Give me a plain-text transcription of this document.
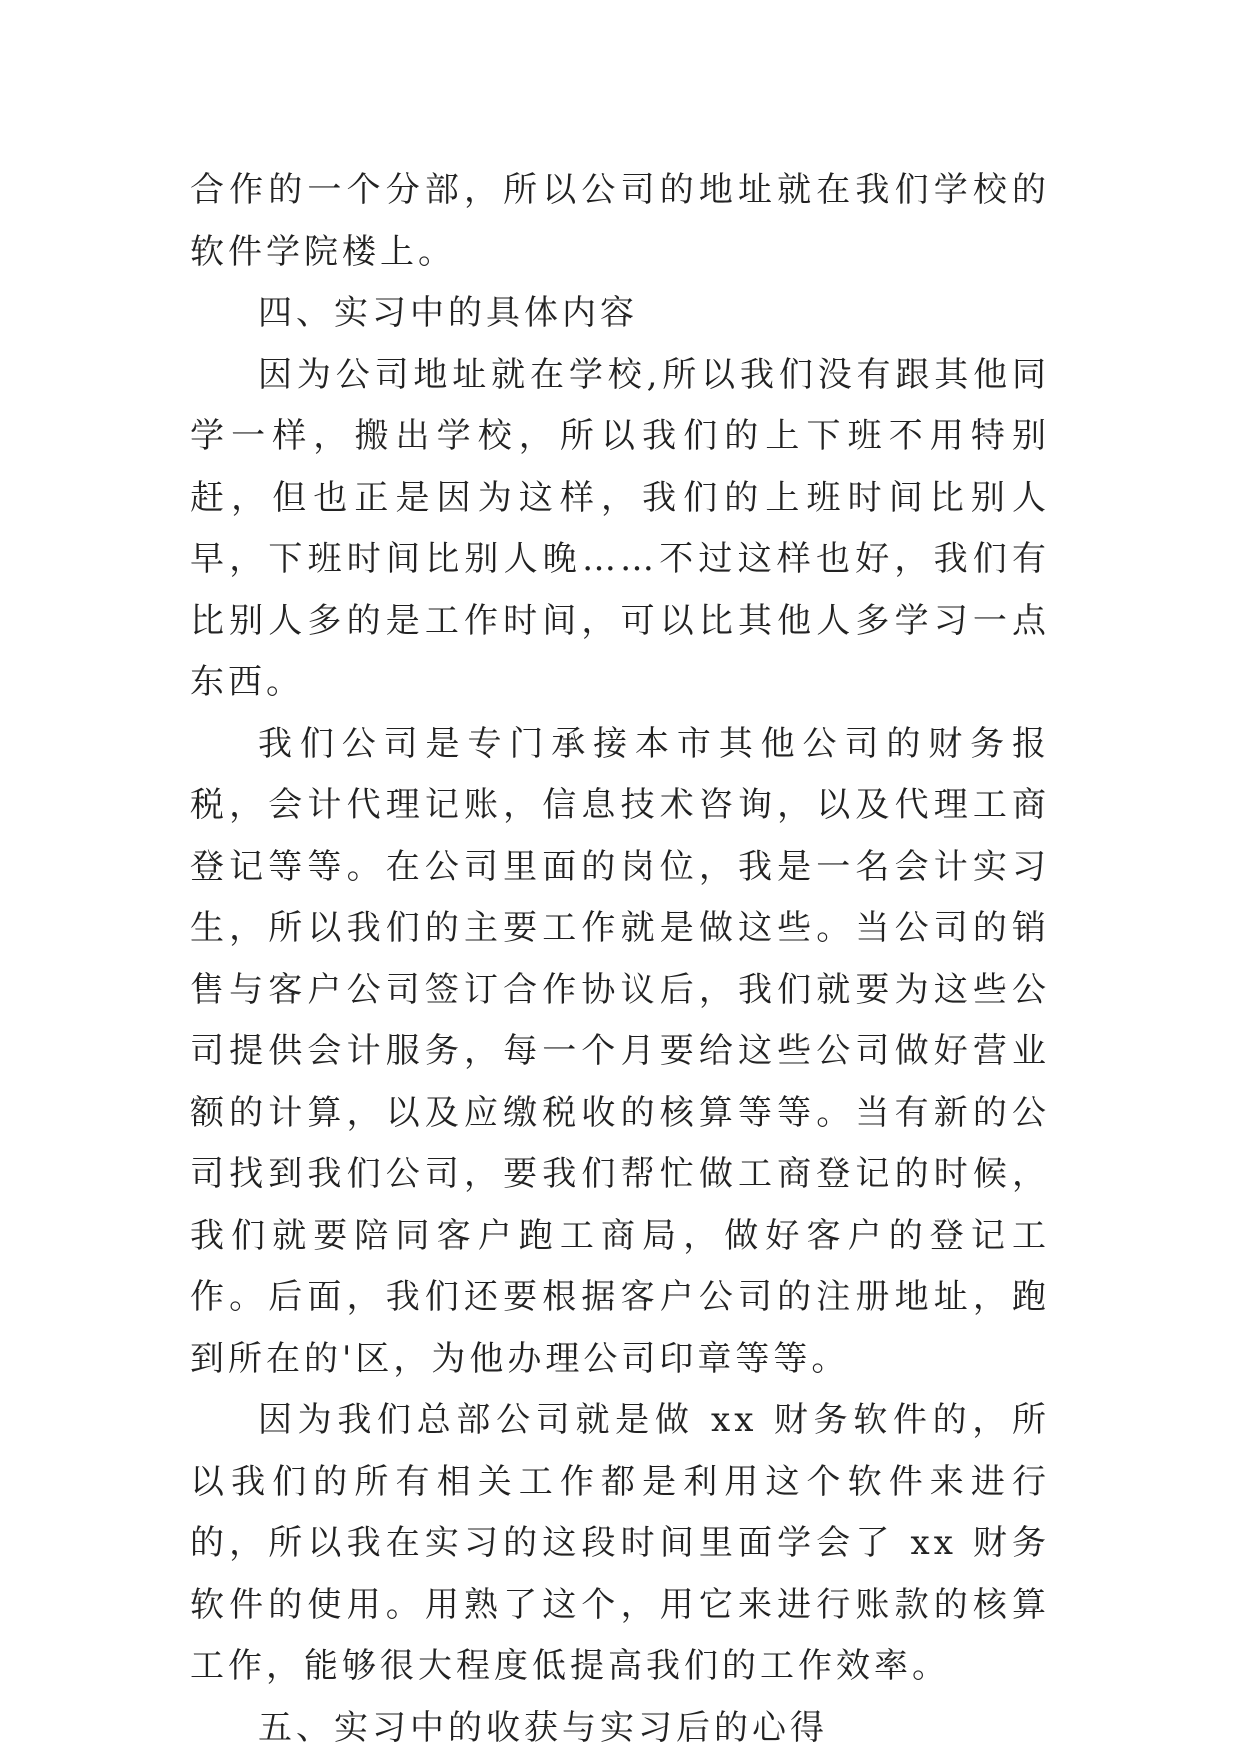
合作的一个分部，所以公司的地址就在我们学校的软件学院楼上。

四、实习中的具体内容

因为公司地址就在学校,所以我们没有跟其他同学一样，搬出学校，所以我们的上下班不用特别赶，但也正是因为这样，我们的上班时间比别人早，下班时间比别人晚……不过这样也好，我们有比别人多的是工作时间，可以比其他人多学习一点东西。

我们公司是专门承接本市其他公司的财务报税，会计代理记账，信息技术咨询，以及代理工商登记等等。在公司里面的岗位，我是一名会计实习生，所以我们的主要工作就是做这些。当公司的销售与客户公司签订合作协议后，我们就要为这些公司提供会计服务，每一个月要给这些公司做好营业额的计算，以及应缴税收的核算等等。当有新的公司找到我们公司，要我们帮忙做工商登记的时候，我们就要陪同客户跑工商局，做好客户的登记工作。后面，我们还要根据客户公司的注册地址，跑到所在的'区，为他办理公司印章等等。

因为我们总部公司就是做 xx 财务软件的，所以我们的所有相关工作都是利用这个软件来进行的，所以我在实习的这段时间里面学会了 xx 财务软件的使用。用熟了这个，用它来进行账款的核算工作，能够很大程度低提高我们的工作效率。

五、实习中的收获与实习后的心得
